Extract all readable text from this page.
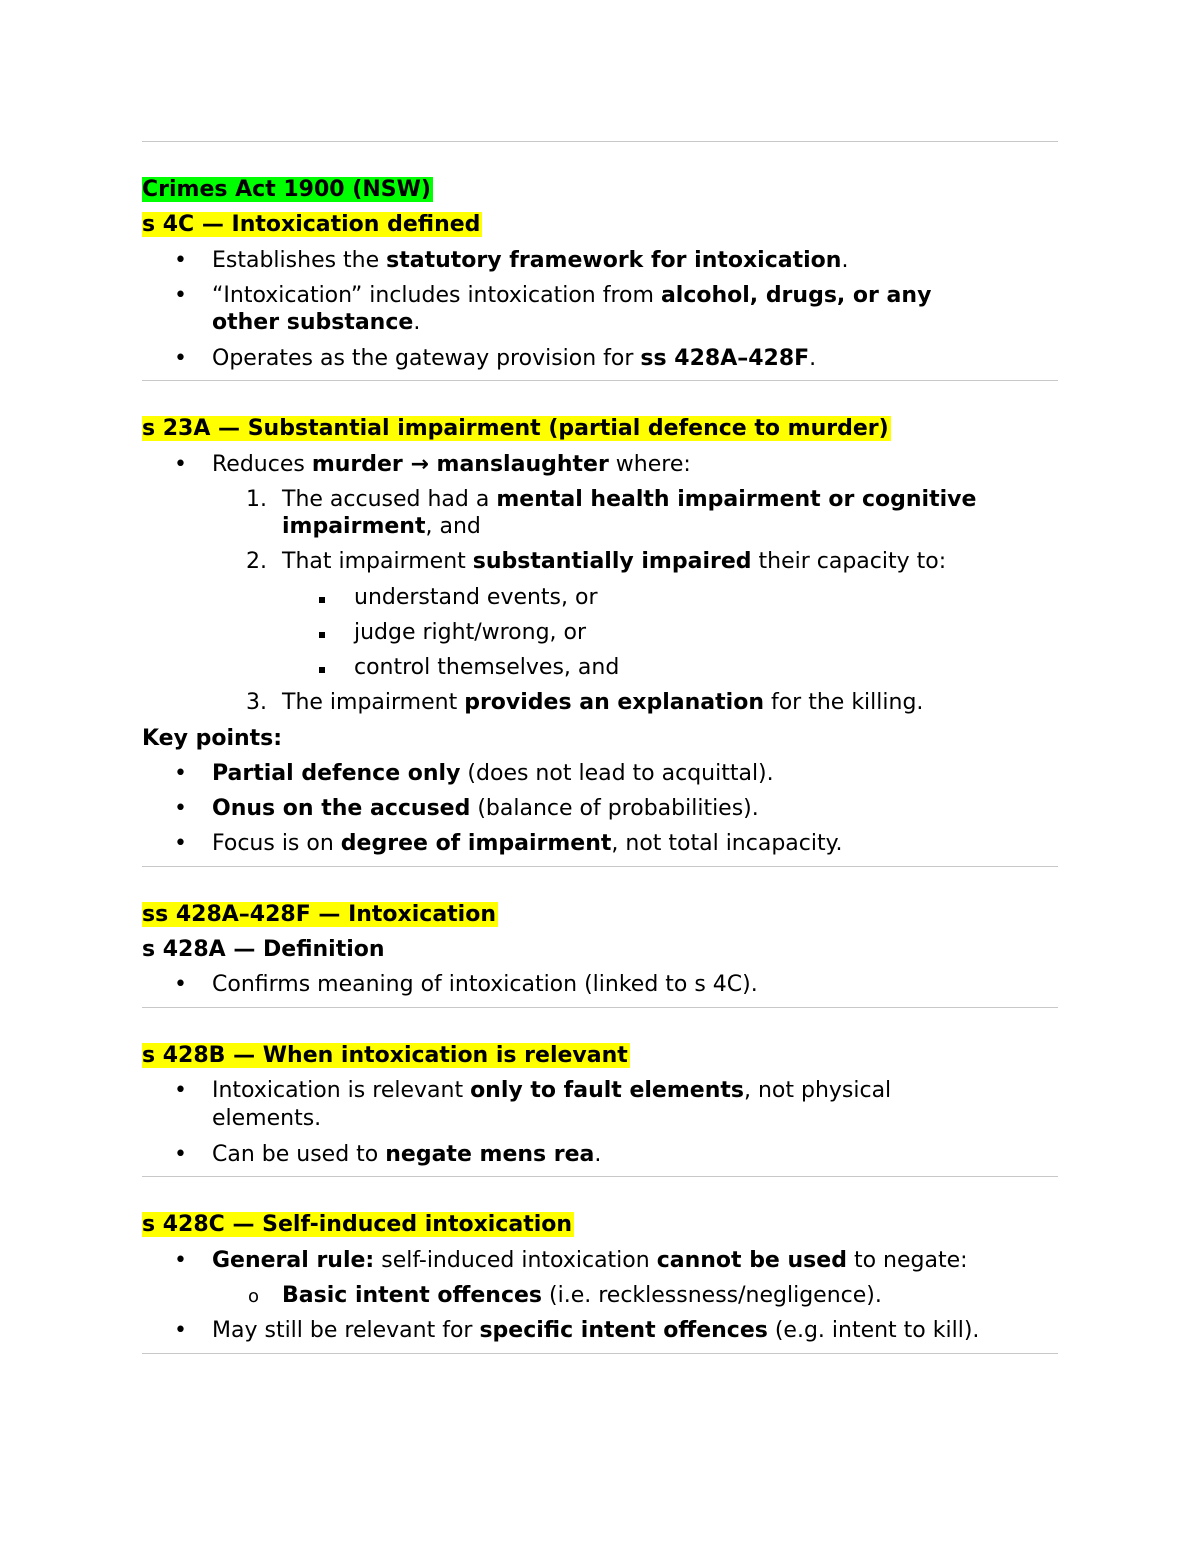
Crimes Act 1900 (NSW)
s 4C — Intoxication defined
• Establishes the statutory framework for intoxication.
• “Intoxication” includes intoxication from alcohol, drugs, or any
other substance.
• Operates as the gateway provision for ss 428A–428F.
s 23A — Substantial impairment (partial defence to murder)
• Reduces murder → manslaughter where:
1. The accused had a mental health impairment or cognitive
impairment, and
2. That impairment substantially impaired their capacity to:
understand events, or
judge right/wrong, or
control themselves, and
3. The impairment provides an explanation for the killing.
Key points:
• Partial defence only (does not lead to acquittal).
• Onus on the accused (balance of probabilities).
• Focus is on degree of impairment, not total incapacity.
ss 428A–428F — Intoxication
s 428A — Definition
• Confirms meaning of intoxication (linked to s 4C).
s 428B — When intoxication is relevant
• Intoxication is relevant only to fault elements, not physical
elements.
• Can be used to negate mens rea.
s 428C — Self-induced intoxication
• General rule: self-induced intoxication cannot be used to negate:
o Basic intent offences (i.e. recklessness/negligence).
• May still be relevant for specific intent offences (e.g. intent to kill).
